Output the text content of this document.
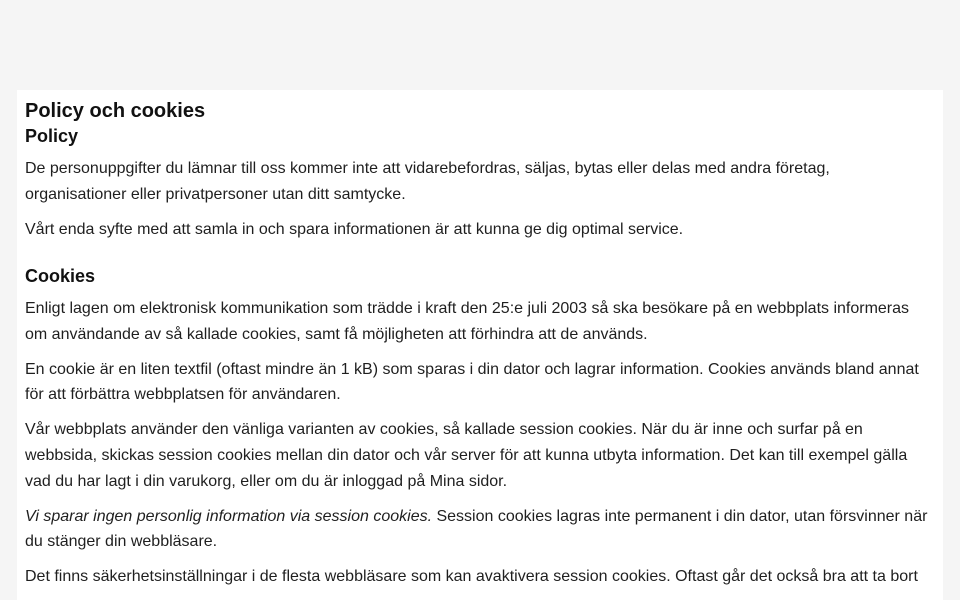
Policy och cookies
Policy

De personuppgifter du lämnar till oss kommer inte att vidarebefordras, säljas, bytas eller delas med andra företag, organisationer eller privatpersoner utan ditt samtycke.

Vårt enda syfte med att samla in och spara informationen är att kunna ge dig optimal service.

Cookies

Enligt lagen om elektronisk kommunikation som trädde i kraft den 25:e juli 2003 så ska besökare på en webbplats informeras om användande av så kallade cookies, samt få möjligheten att förhindra att de används.

En cookie är en liten textfil (oftast mindre än 1 kB) som sparas i din dator och lagrar information. Cookies används bland annat för att förbättra webbplatsen för användaren.

Vår webbplats använder den vänliga varianten av cookies, så kallade session cookies. När du är inne och surfar på en webbsida, skickas session cookies mellan din dator och vår server för att kunna utbyta information. Det kan till exempel gälla vad du har lagt i din varukorg, eller om du är inloggad på Mina sidor.

Vi sparar ingen personlig information via session cookies. Session cookies lagras inte permanent i din dator, utan försvinner när du stänger din webbläsare.

Det finns säkerhetsinställningar i de flesta webbläsare som kan avaktivera session cookies. Oftast går det också bra att ta bort
